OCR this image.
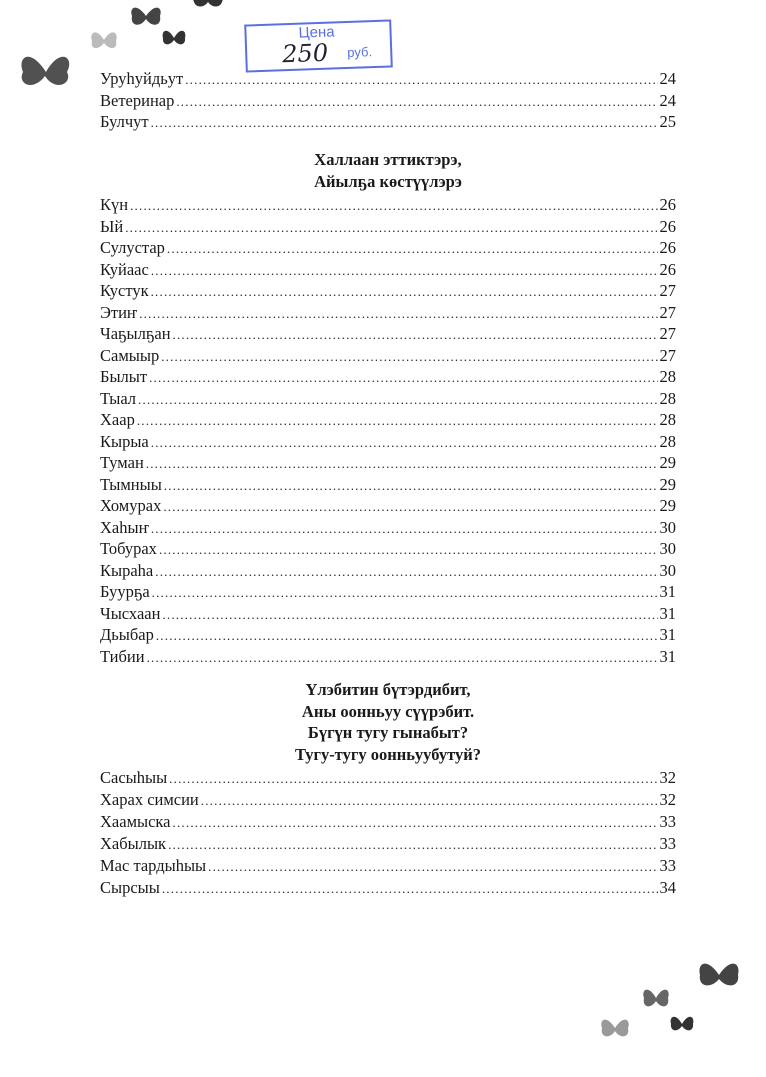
Цена
250 руб.
Уруһуйдьут .....	24
Ветеринар .....	24
Булчут .....	25
Халлаан эттиктэрэ,
Айылҕа көстүүлэрэ
Күн .....	26
Ый .....	26
Сулустар .....	26
Куйаас .....	26
Кустук .....	27
Этиҥ .....	27
Чаҕылҕан .....	27
Самыыр .....	27
Былыт .....	28
Тыал .....	28
Хаар .....	28
Кырыа .....	28
Туман .....	29
Тымныы .....	29
Хомурах .....	29
Хаһыҥ .....	30
Тобурах .....	30
Кыраһа .....	30
Буурҕа .....	31
Чысхаан .....	31
Дьыбар .....	31
Тибии .....	31
Үлэбитин бүтэрдибит,
Аны оонньуу сүүрэбит.
Бүгүн тугу гынабыт?
Тугу-тугу оонньуубутуй?
Сасыһыы .....	32
Харах симсии .....	32
Хаамыска .....	33
Хабылык .....	33
Мас тардыһыы .....	33
Сырсыы .....	34
